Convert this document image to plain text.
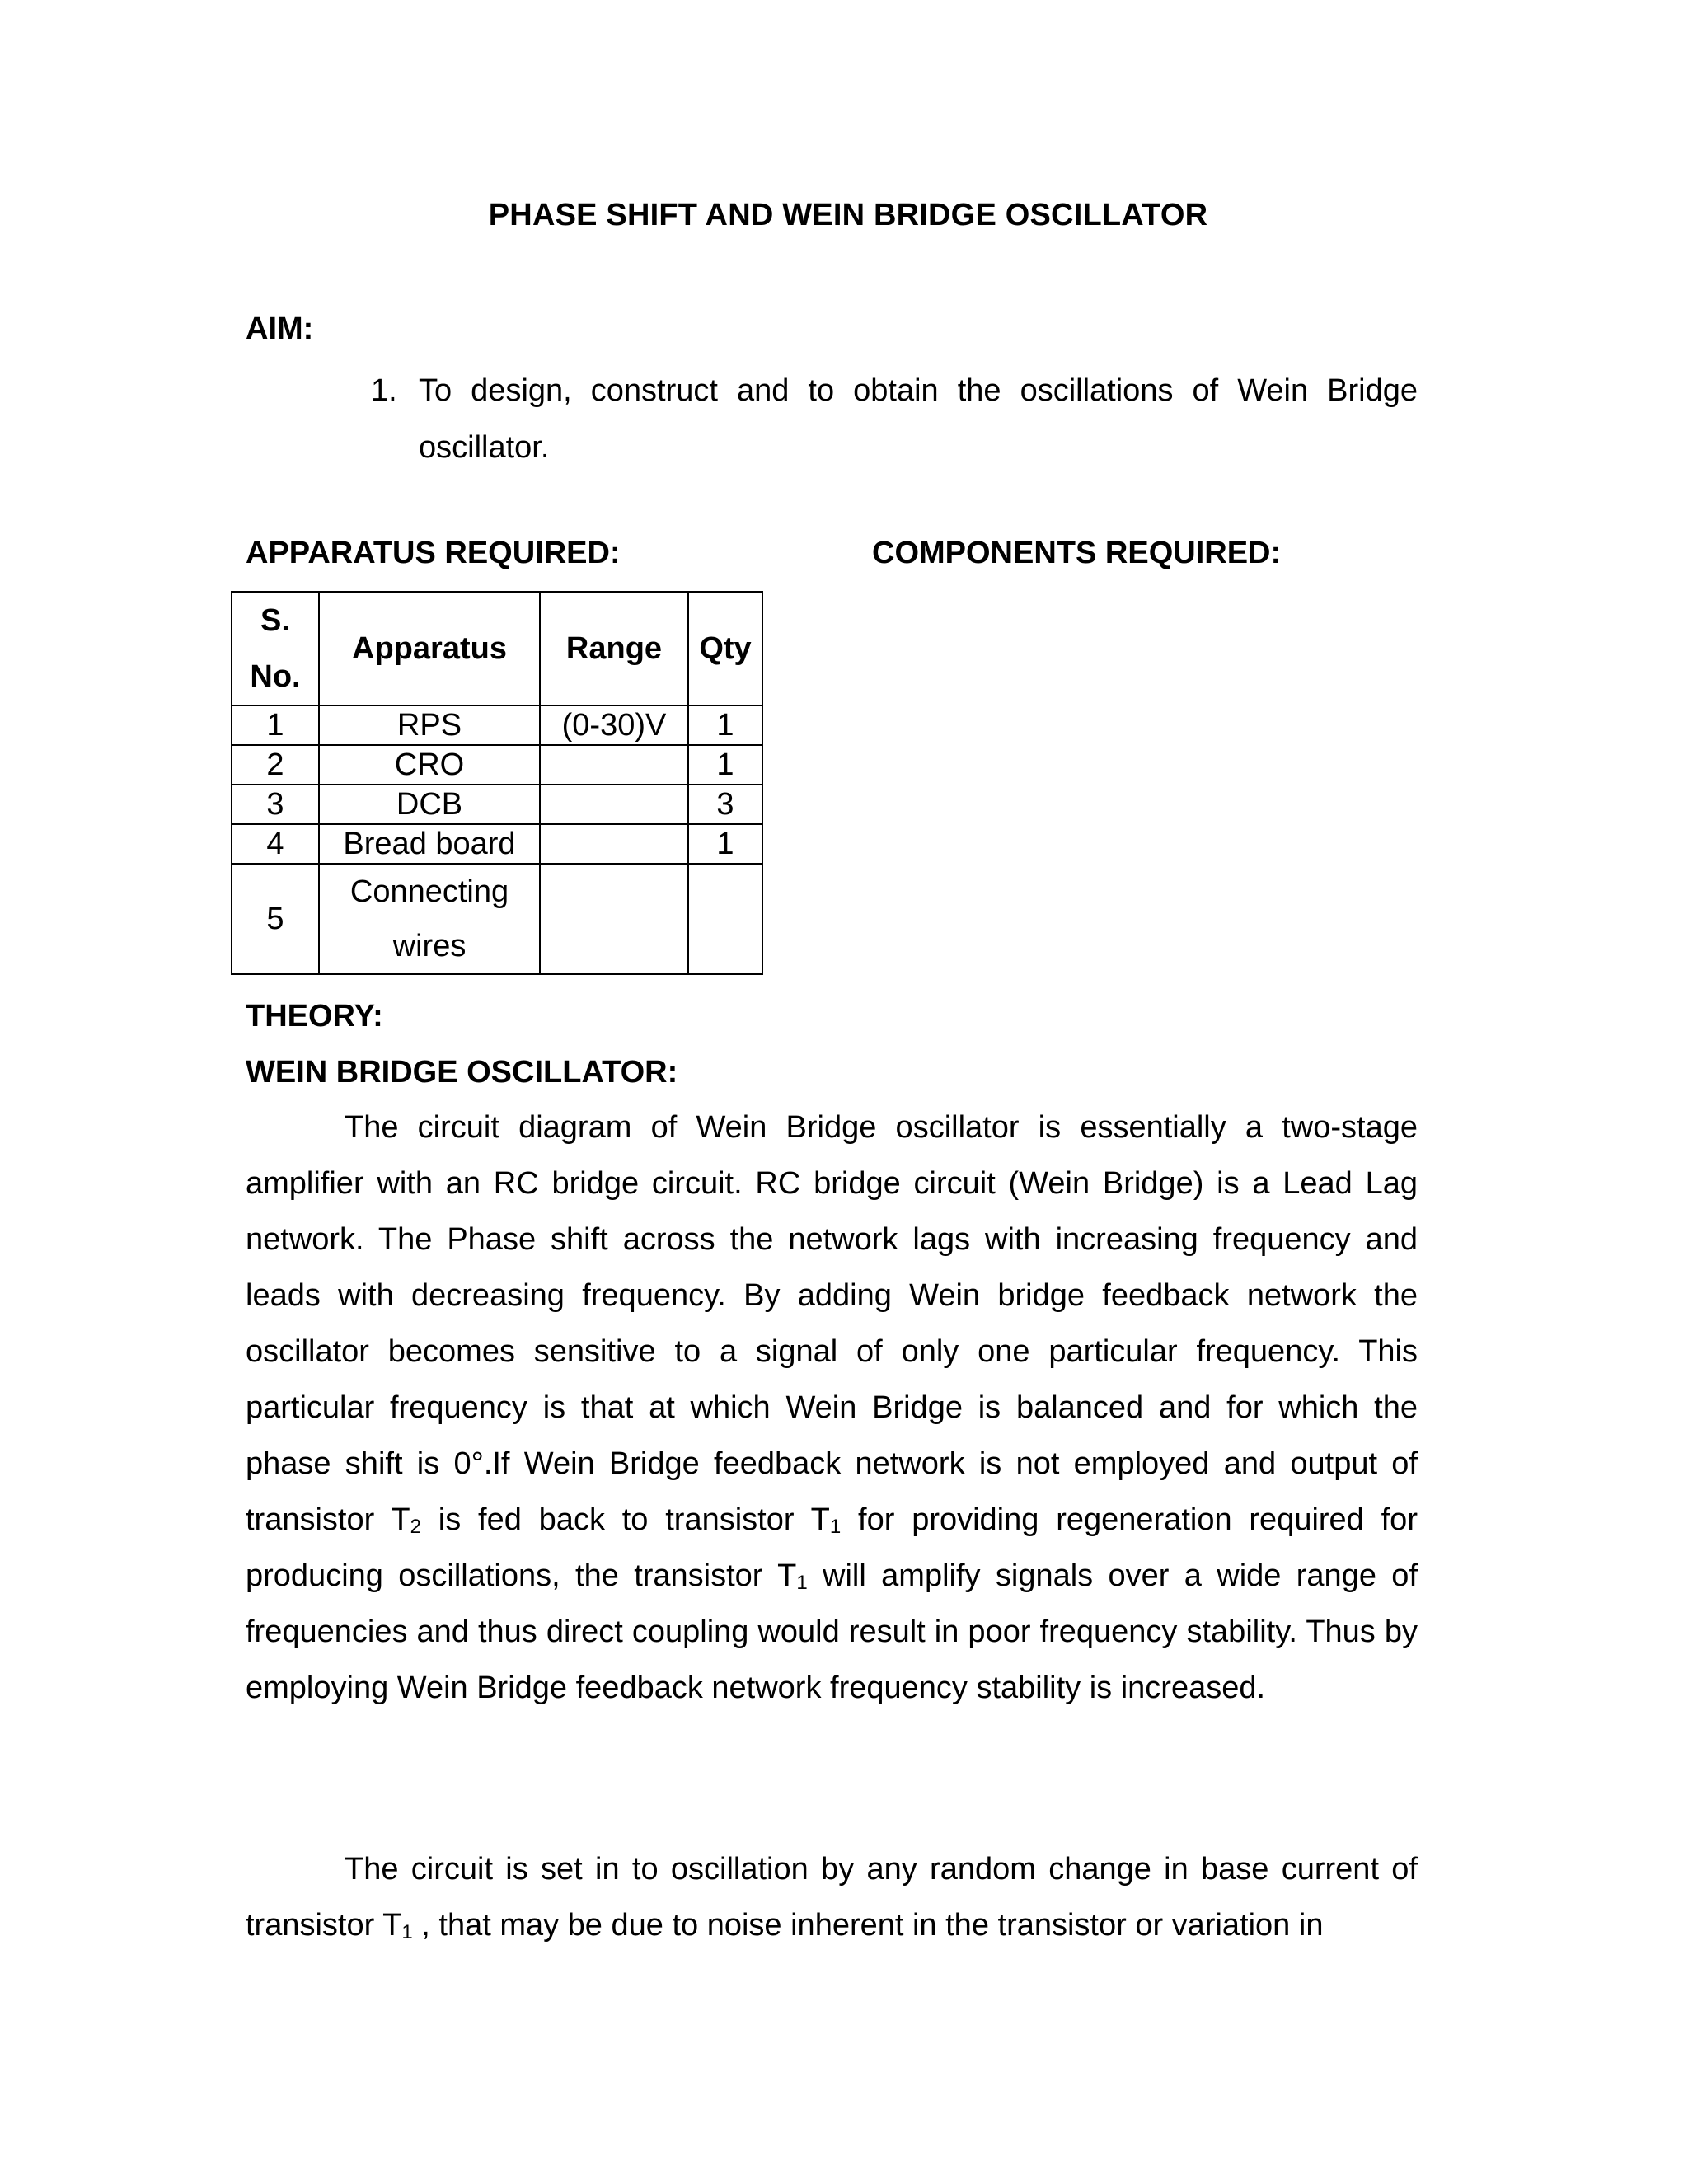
PHASE SHIFT AND WEIN BRIDGE OSCILLATOR
AIM:
1. To design, construct and to obtain the oscillations of Wein Bridge oscillator.
APPARATUS REQUIRED:	COMPONENTS REQUIRED:
S. No.	Apparatus	Range	Qty
1	RPS	(0-30)V	1
2	CRO		1
3	DCB		3
4	Bread board		1
5	Connecting wires		
THEORY:
WEIN BRIDGE OSCILLATOR:

The circuit diagram of Wein Bridge oscillator is essentially a two-stage amplifier with an RC bridge circuit. RC bridge circuit (Wein Bridge) is a Lead Lag network. The Phase shift across the network lags with increasing frequency and leads with decreasing frequency. By adding Wein bridge feedback network the oscillator becomes sensitive to a signal of only one particular frequency. This particular frequency is that at which Wein Bridge is balanced and for which the phase shift is 0°.If Wein Bridge feedback network is not employed and output of transistor $T_2$ is fed back to transistor $T_1$ for providing regeneration required for producing oscillations, the transistor $T_1$ will amplify signals over a wide range of frequencies and thus direct coupling would result in poor frequency stability. Thus by employing Wein Bridge feedback network frequency stability is increased.

The circuit is set in to oscillation by any random change in base current of transistor $T_1$ , that may be due to noise inherent in the transistor or variation in
